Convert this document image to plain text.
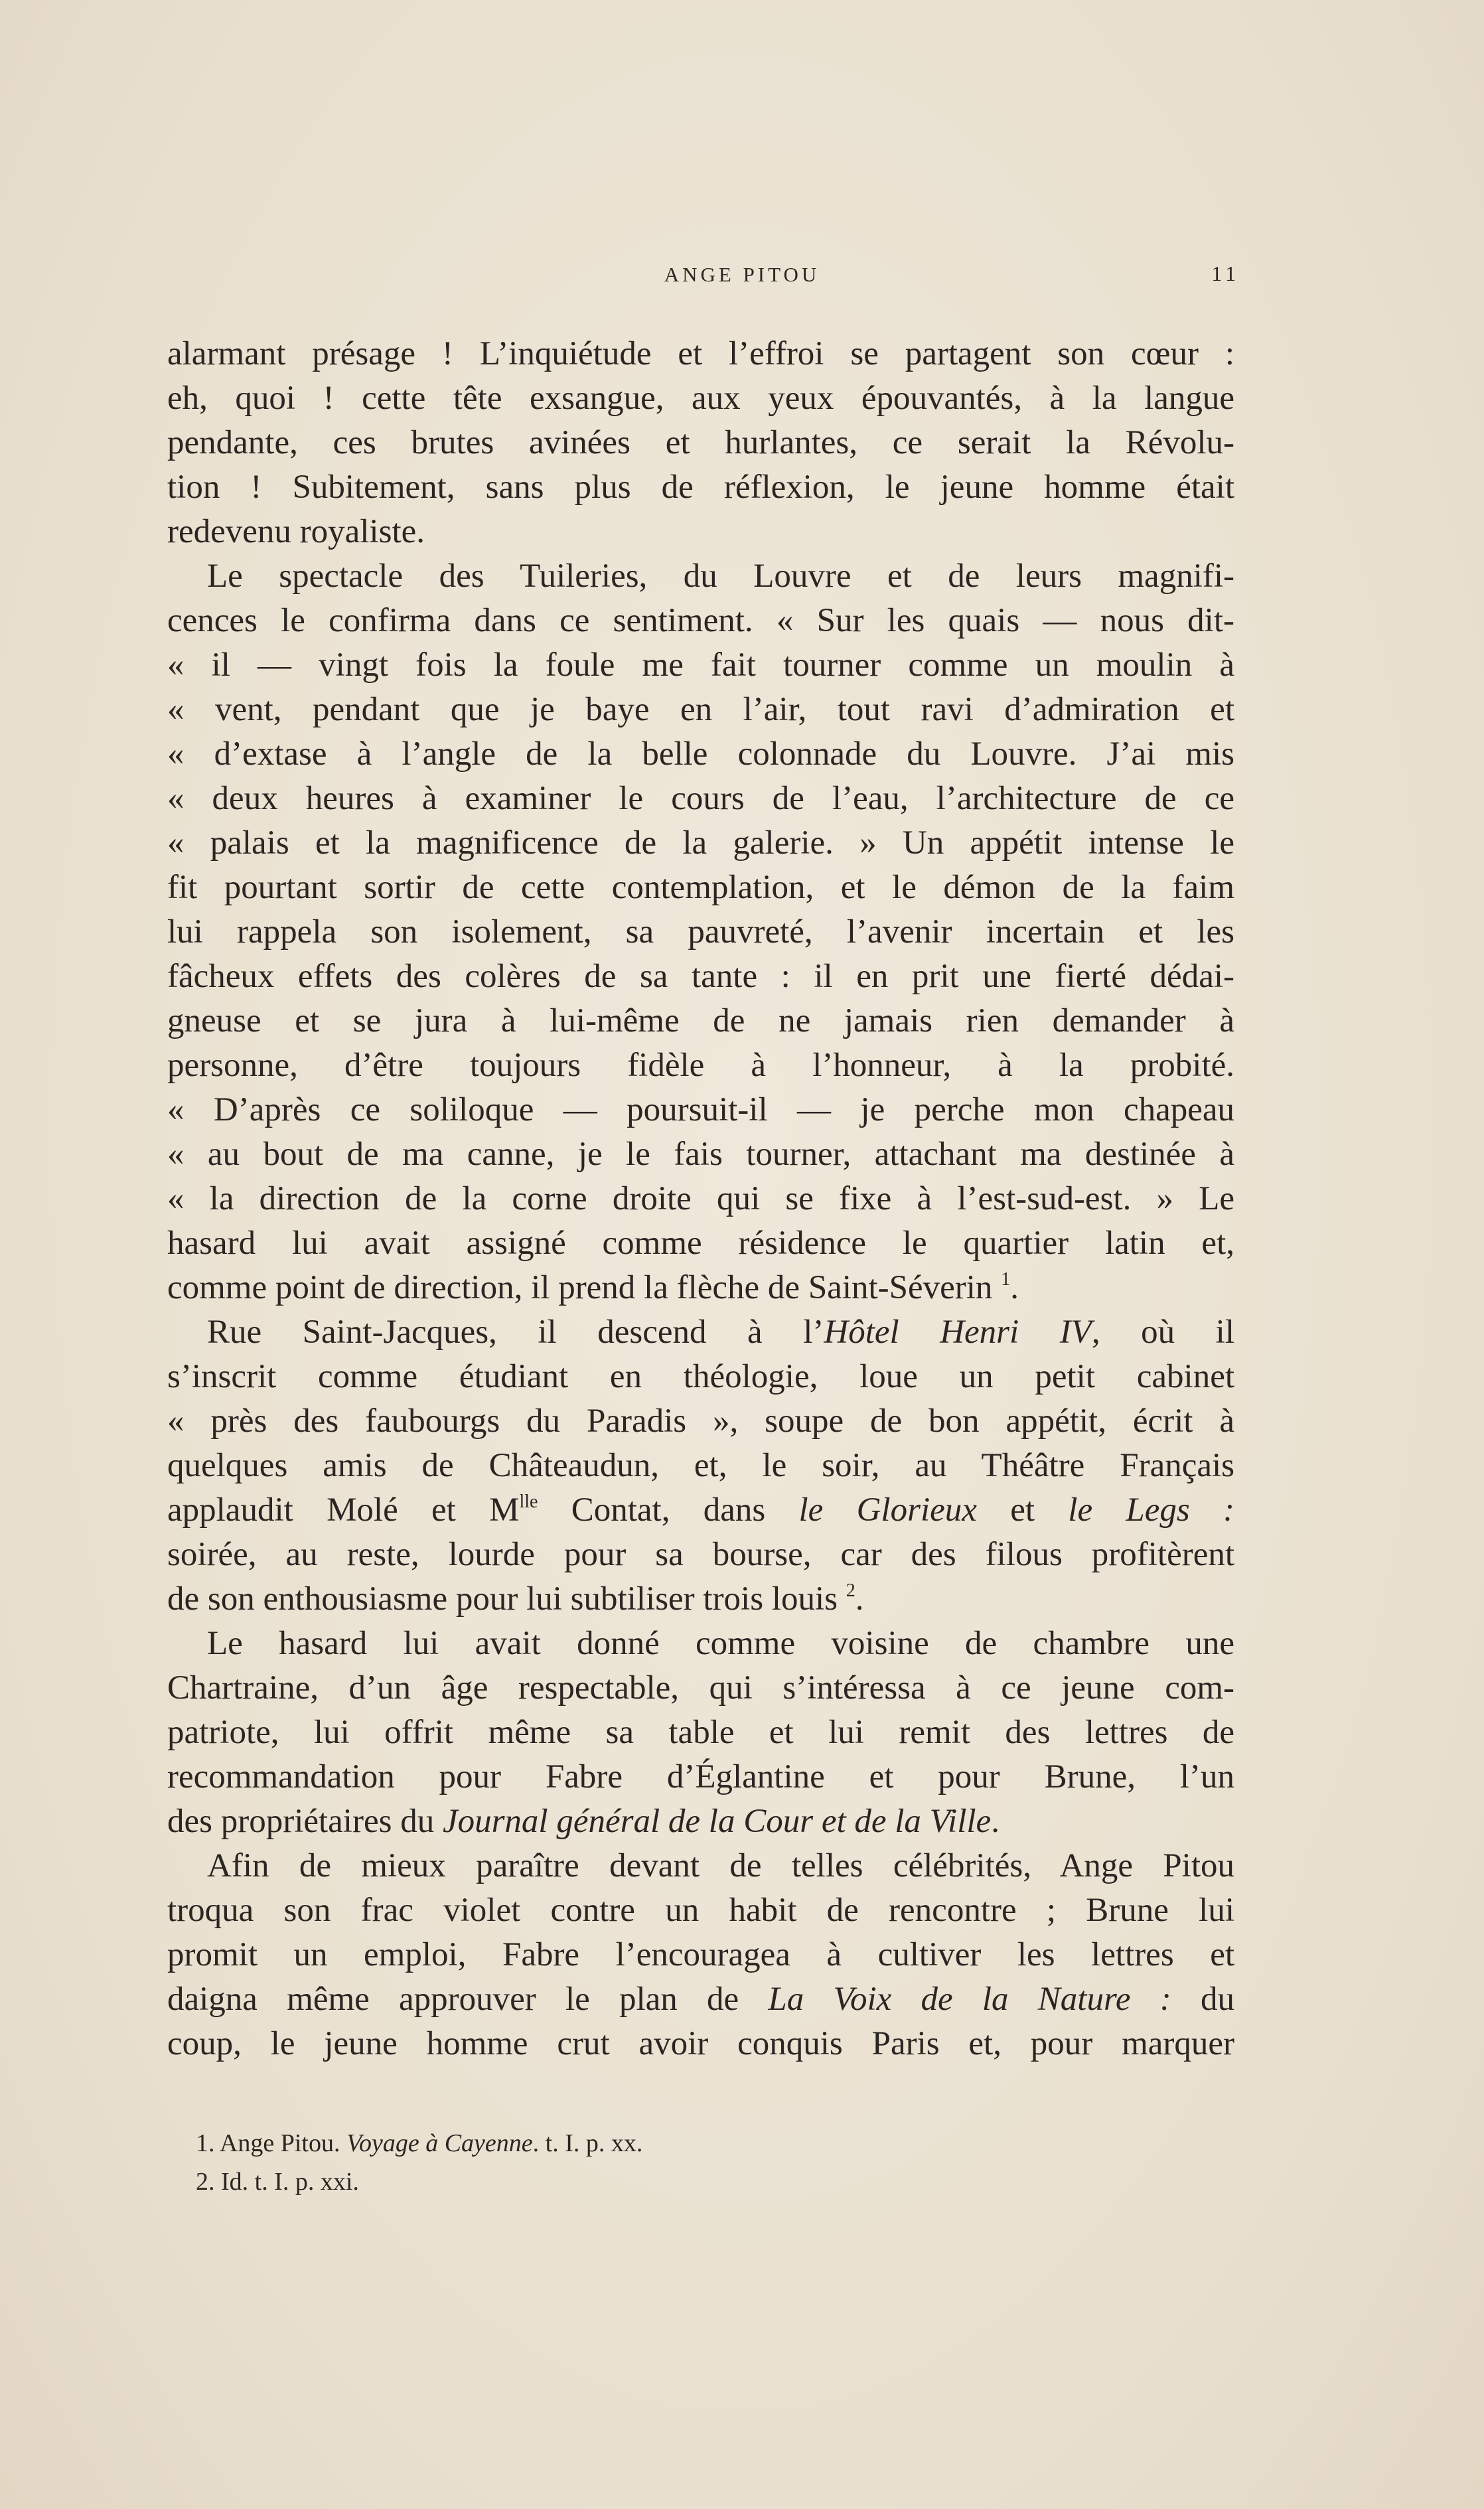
ANGE PITOU	11
alarmant présage ! L’inquiétude et l’effroi se partagent son cœur :
eh, quoi ! cette tête exsangue, aux yeux épouvantés, à la langue
pendante, ces brutes avinées et hurlantes, ce serait la Révolu-
tion ! Subitement, sans plus de réflexion, le jeune homme était
redevenu royaliste.
Le spectacle des Tuileries, du Louvre et de leurs magnifi-
cences le confirma dans ce sentiment. « Sur les quais — nous dit-
« il — vingt fois la foule me fait tourner comme un moulin à
« vent, pendant que je baye en l’air, tout ravi d’admiration et
« d’extase à l’angle de la belle colonnade du Louvre. J’ai mis
« deux heures à examiner le cours de l’eau, l’architecture de ce
« palais et la magnificence de la galerie. » Un appétit intense le
fit pourtant sortir de cette contemplation, et le démon de la faim
lui rappela son isolement, sa pauvreté, l’avenir incertain et les
fâcheux effets des colères de sa tante : il en prit une fierté dédai-
gneuse et se jura à lui-même de ne jamais rien demander à
personne, d’être toujours fidèle à l’honneur, à la probité.
« D’après ce soliloque — poursuit-il — je perche mon chapeau
« au bout de ma canne, je le fais tourner, attachant ma destinée à
« la direction de la corne droite qui se fixe à l’est-sud-est. » Le
hasard lui avait assigné comme résidence le quartier latin et,
comme point de direction, il prend la flèche de Saint-Séverin $^1$.
Rue Saint-Jacques, il descend à l’Hôtel Henri IV, où il
s’inscrit comme étudiant en théologie, loue un petit cabinet
« près des faubourgs du Paradis », soupe de bon appétit, écrit à
quelques amis de Châteaudun, et, le soir, au Théâtre Français
applaudit Molé et $M^{lle}$ Contat, dans le Glorieux et le Legs :
soirée, au reste, lourde pour sa bourse, car des filous profitèrent
de son enthousiasme pour lui subtiliser trois louis $^2$.
Le hasard lui avait donné comme voisine de chambre une
Chartraine, d’un âge respectable, qui s’intéressa à ce jeune com-
patriote, lui offrit même sa table et lui remit des lettres de
recommandation pour Fabre d’Églantine et pour Brune, l’un
des propriétaires du Journal général de la Cour et de la Ville.
Afin de mieux paraître devant de telles célébrités, Ange Pitou
troqua son frac violet contre un habit de rencontre ; Brune lui
promit un emploi, Fabre l’encouragea à cultiver les lettres et
daigna même approuver le plan de La Voix de la Nature : du
coup, le jeune homme crut avoir conquis Paris et, pour marquer
1. Ange Pitou. Voyage à Cayenne. t. I. p. xx.
2. Id. t. I. p. xxi.
